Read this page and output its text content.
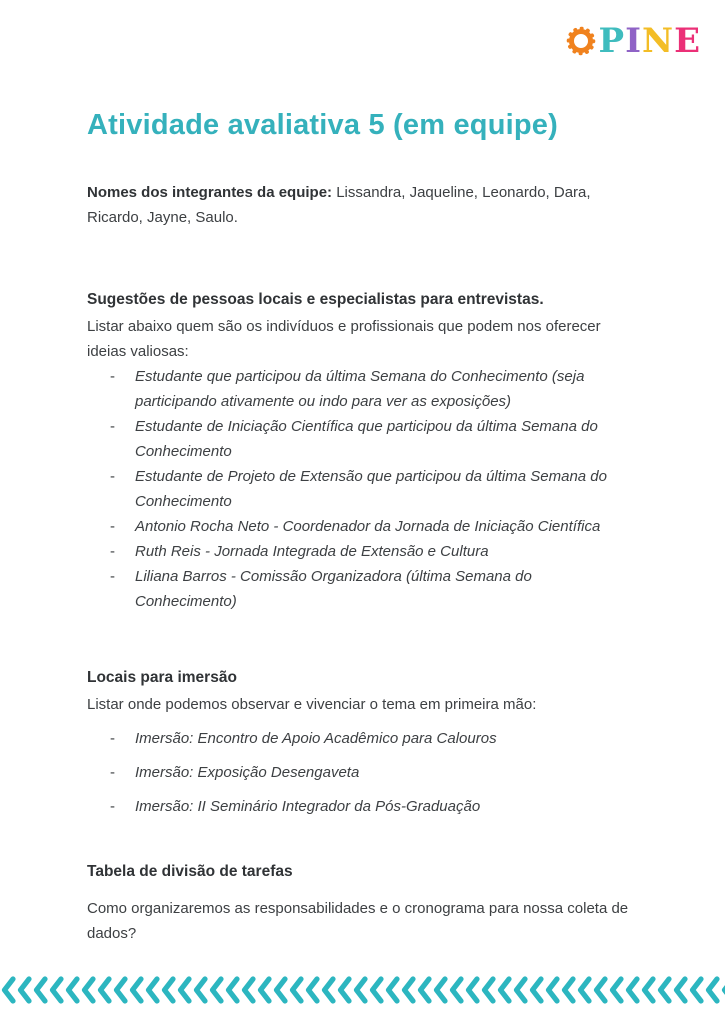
P I N E
Atividade avaliativa 5 (em equipe)

Nomes dos integrantes da equipe: Lissandra, Jaqueline, Leonardo, Dara, Ricardo, Jayne, Saulo.

Sugestões de pessoas locais e especialistas para entrevistas.

Listar abaixo quem são os indivíduos e profissionais que podem nos oferecer ideias valiosas:

- Estudante que participou da última Semana do Conhecimento (seja participando ativamente ou indo para ver as exposições)
- Estudante de Iniciação Científica que participou da última Semana do Conhecimento
- Estudante de Projeto de Extensão que participou da última Semana do Conhecimento
- Antonio Rocha Neto - Coordenador da Jornada de Iniciação Científica
- Ruth Reis - Jornada Integrada de Extensão e Cultura
- Liliana Barros - Comissão Organizadora (última Semana do Conhecimento)
Locais para imersão

Listar onde podemos observar e vivenciar o tema em primeira mão:

- Imersão: Encontro de Apoio Acadêmico para Calouros
- Imersão: Exposição Desengaveta
- Imersão: II Seminário Integrador da Pós-Graduação
Tabela de divisão de tarefas

Como organizaremos as responsabilidades e o cronograma para nossa coleta de dados?
